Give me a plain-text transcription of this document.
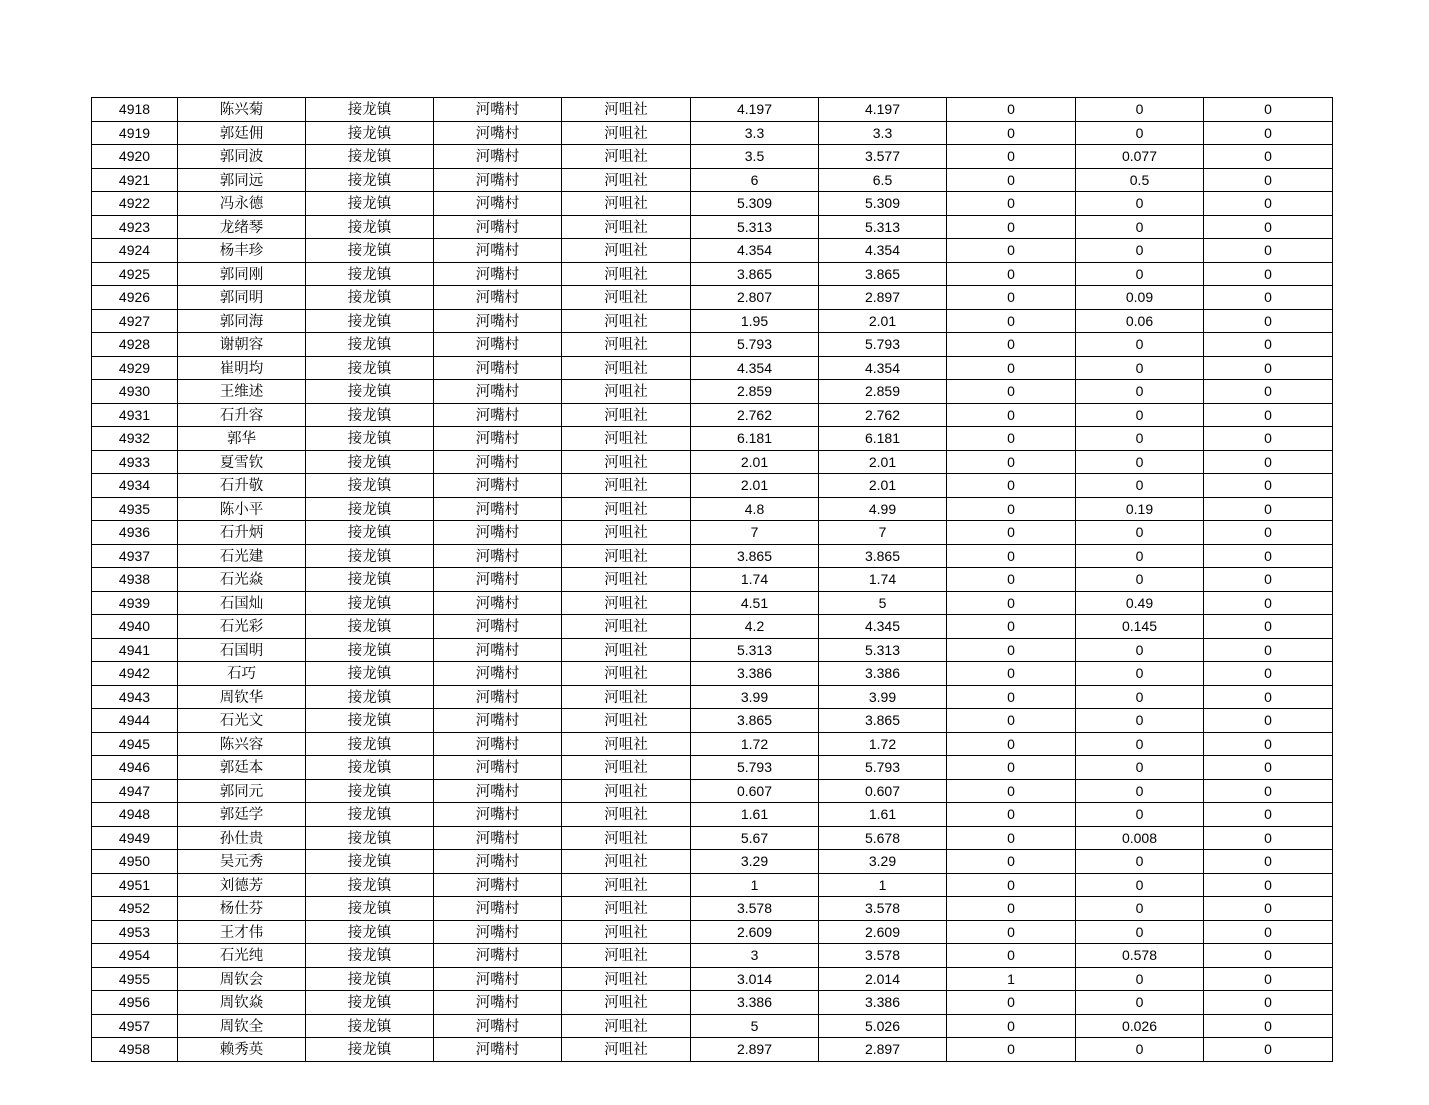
4918	陈兴菊	接龙镇	河嘴村	河咀社	4.197	4.197	0	0	0
4919	郭廷佣	接龙镇	河嘴村	河咀社	3.3	3.3	0	0	0
4920	郭同波	接龙镇	河嘴村	河咀社	3.5	3.577	0	0.077	0
4921	郭同远	接龙镇	河嘴村	河咀社	6	6.5	0	0.5	0
4922	冯永德	接龙镇	河嘴村	河咀社	5.309	5.309	0	0	0
4923	龙绪琴	接龙镇	河嘴村	河咀社	5.313	5.313	0	0	0
4924	杨丰珍	接龙镇	河嘴村	河咀社	4.354	4.354	0	0	0
4925	郭同刚	接龙镇	河嘴村	河咀社	3.865	3.865	0	0	0
4926	郭同明	接龙镇	河嘴村	河咀社	2.807	2.897	0	0.09	0
4927	郭同海	接龙镇	河嘴村	河咀社	1.95	2.01	0	0.06	0
4928	谢朝容	接龙镇	河嘴村	河咀社	5.793	5.793	0	0	0
4929	崔明均	接龙镇	河嘴村	河咀社	4.354	4.354	0	0	0
4930	王维述	接龙镇	河嘴村	河咀社	2.859	2.859	0	0	0
4931	石升容	接龙镇	河嘴村	河咀社	2.762	2.762	0	0	0
4932	郭华	接龙镇	河嘴村	河咀社	6.181	6.181	0	0	0
4933	夏雪钦	接龙镇	河嘴村	河咀社	2.01	2.01	0	0	0
4934	石升敬	接龙镇	河嘴村	河咀社	2.01	2.01	0	0	0
4935	陈小平	接龙镇	河嘴村	河咀社	4.8	4.99	0	0.19	0
4936	石升炳	接龙镇	河嘴村	河咀社	7	7	0	0	0
4937	石光建	接龙镇	河嘴村	河咀社	3.865	3.865	0	0	0
4938	石光焱	接龙镇	河嘴村	河咀社	1.74	1.74	0	0	0
4939	石国灿	接龙镇	河嘴村	河咀社	4.51	5	0	0.49	0
4940	石光彩	接龙镇	河嘴村	河咀社	4.2	4.345	0	0.145	0
4941	石国明	接龙镇	河嘴村	河咀社	5.313	5.313	0	0	0
4942	石巧	接龙镇	河嘴村	河咀社	3.386	3.386	0	0	0
4943	周钦华	接龙镇	河嘴村	河咀社	3.99	3.99	0	0	0
4944	石光文	接龙镇	河嘴村	河咀社	3.865	3.865	0	0	0
4945	陈兴容	接龙镇	河嘴村	河咀社	1.72	1.72	0	0	0
4946	郭廷本	接龙镇	河嘴村	河咀社	5.793	5.793	0	0	0
4947	郭同元	接龙镇	河嘴村	河咀社	0.607	0.607	0	0	0
4948	郭廷学	接龙镇	河嘴村	河咀社	1.61	1.61	0	0	0
4949	孙仕贵	接龙镇	河嘴村	河咀社	5.67	5.678	0	0.008	0
4950	吴元秀	接龙镇	河嘴村	河咀社	3.29	3.29	0	0	0
4951	刘德芳	接龙镇	河嘴村	河咀社	1	1	0	0	0
4952	杨仕芬	接龙镇	河嘴村	河咀社	3.578	3.578	0	0	0
4953	王才伟	接龙镇	河嘴村	河咀社	2.609	2.609	0	0	0
4954	石光纯	接龙镇	河嘴村	河咀社	3	3.578	0	0.578	0
4955	周钦会	接龙镇	河嘴村	河咀社	3.014	2.014	1	0	0
4956	周钦焱	接龙镇	河嘴村	河咀社	3.386	3.386	0	0	0
4957	周钦全	接龙镇	河嘴村	河咀社	5	5.026	0	0.026	0
4958	赖秀英	接龙镇	河嘴村	河咀社	2.897	2.897	0	0	0
